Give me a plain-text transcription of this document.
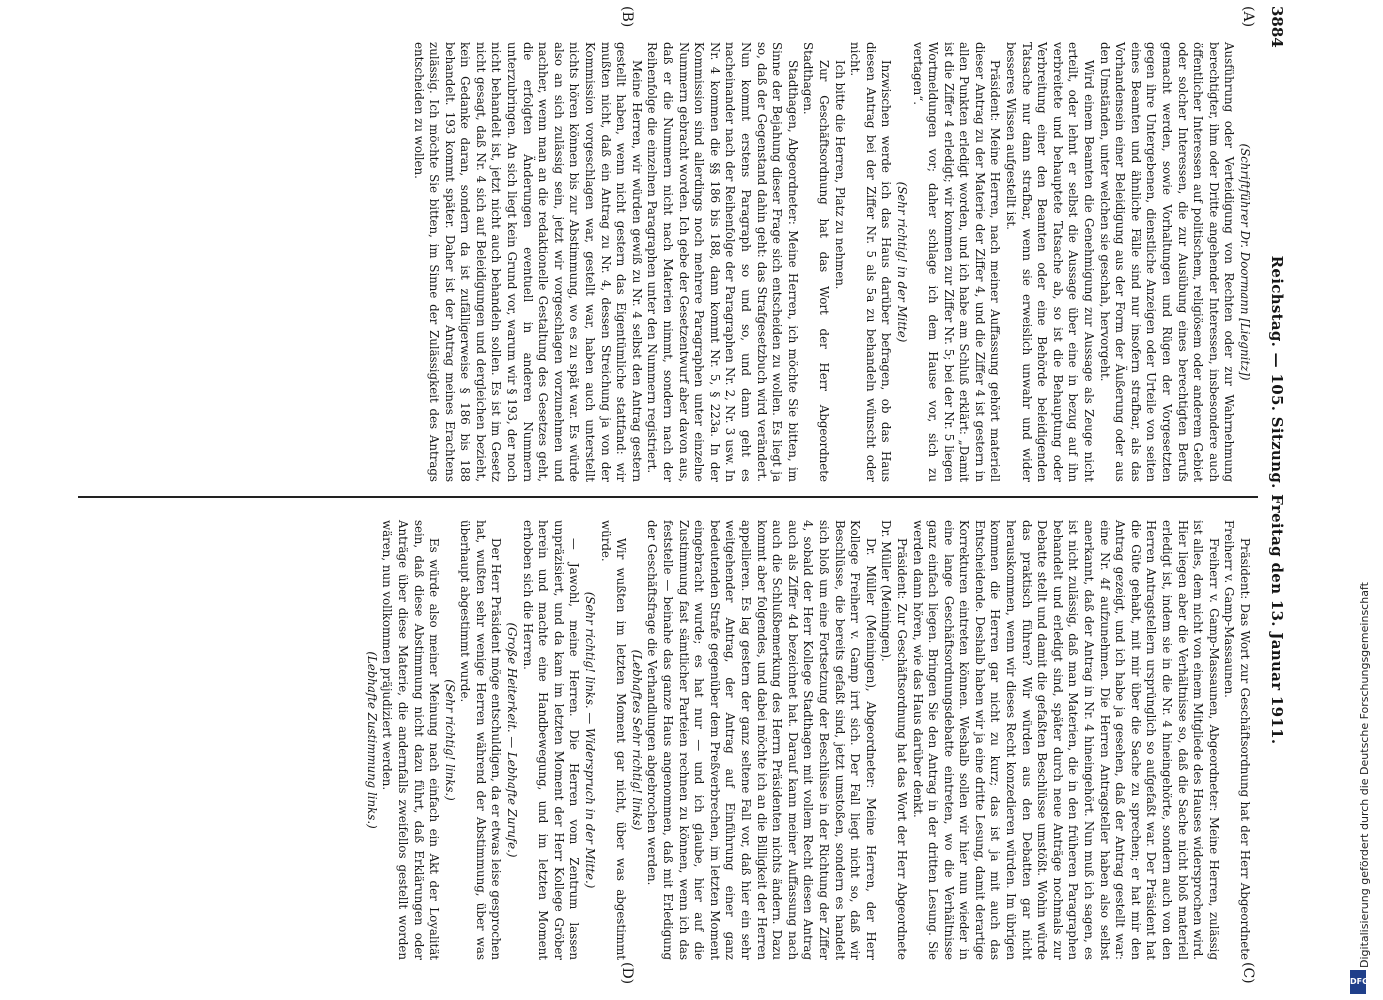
3884
Reichstag. — 105. Sitzung. Freitag den 13. Januar 1911.
(A)
(C)
(B)
(D)

(Schriftführer Dr. Doormann [Liegnitz])

Ausführung oder Verteidigung von Rechten oder zur Wahrnehmung berechtigter, ihm oder Dritte angehender Interessen, insbesondere auch öffentlicher Interessen auf politischem, religiösem oder anderem Gebiet oder solcher Interessen, die zur Ausübung eines berechtigten Berufs gemacht werden, sowie Vorhaltungen und Rügen der Vorgesetzten gegen ihre Untergebenen, dienstliche Anzeigen oder Urteile von seiten eines Beamten und ähnliche Fälle sind nur insofern strafbar, als das Vorhandensein einer Beleidigung aus der Form der Äußerung oder aus den Umständen, unter welchen sie geschah, hervorgeht.

Wird einem Beamten die Genehmigung zur Aussage als Zeuge nicht erteilt, oder lehnt er selbst die Aussage über eine in bezug auf ihn verbreitete und behauptete Tatsache ab, so ist die Behauptung oder Verbreitung einer den Beamten oder eine Behörde beleidigenden Tatsache nur dann strafbar, wenn sie erweislich unwahr und wider besseres Wissen aufgestellt ist.

Präsident: Meine Herren, nach meiner Auffassung gehört materiell dieser Antrag zu der Materie der Ziffer 4, und die Ziffer 4 ist gestern in allen Punkten erledigt worden, und ich habe am Schluß erklärt: „Damit ist die Ziffer 4 erledigt; wir kommen zur Ziffer Nr. 5; bei der Nr. 5 liegen Wortmeldungen vor; daher schlage ich dem Hause vor, sich zu vertagen“.

(Sehr richtig! in der Mitte)

Inzwischen werde ich das Haus darüber befragen, ob das Haus diesen Antrag bei der Ziffer Nr. 5 als 5a zu behandeln wünscht oder nicht.

Ich bitte die Herren, Platz zu nehmen.

Zur Geschäftsordnung hat das Wort der Herr Abgeordnete Stadthagen.

Stadthagen, Abgeordneter: Meine Herren, ich möchte Sie bitten, im Sinne der Bejahung dieser Frage sich entscheiden zu wollen. Es liegt ja so, daß der Gegenstand dahin geht: das Strafgesetzbuch wird verändert. Nun kommt erstens Paragraph so und so, und dann geht es nacheinander nach der Reihenfolge der Paragraphen Nr. 2, Nr. 3 usw. In Nr. 4 kommen die §§ 186 bis 188, dann kommt Nr. 5, § 223a. In der Kommission sind allerdings noch mehrere Paragraphen unter einzelne Nummern gebracht worden. Ich gebe der Gesetzentwurf aber davon aus, daß er die Nummern nicht nach Materien nimmt, sondern nach der Reihenfolge die einzelnen Paragraphen unter den Nummern registriert.

Meine Herren, wir würden gewiß zu Nr. 4 selbst den Antrag gestern gestellt haben, wenn nicht gestern das Eigentümliche stattfand: wir mußten nicht, daß ein Antrag zu Nr. 4, dessen Streichung ja von der Kommission vorgeschlagen war, gestellt war, haben auch unterstellt nichts hören können bis zur Abstimmung, wo es zu spät war. Es würde also an sich zulässig sein, jetzt wir vorgeschlagen vorzunehmen und nachher, wenn man an die redaktionelle Gestaltung des Gesetzes geht, die erfolgten Änderungen eventuell in anderen Nummern unterzubringen. An sich liegt kein Grund vor, warum wir § 193, der noch nicht behandelt ist, jetzt nicht auch behandeln sollen. Es ist im Gesetz nicht gesagt, daß Nr. 4 sich auf Beleidigungen und dergleichen bezieht, kein Gedanke daran, sondern da ist zufälligerweise § 186 bis 188 behandelt. 193 kommt später. Daher ist der Antrag meines Erachtens zulässig. Ich möchte Sie bitten, im Sinne der Zulässigkeit des Antrags entscheiden zu wollen.

Präsident: Das Wort zur Geschäftsordnung hat der Herr Abgeordnete Freiherr v. Gamp-Massaunen.

Freiherr v. Gamp-Massaunen, Abgeordneter: Meine Herren, zulässig ist alles, dem nicht von einem Mitgliede des Hauses widersprochen wird. Hier liegen aber die Verhältnisse so, daß die Sache nicht bloß materiell erledigt ist, indem sie in die Nr. 4 hineingehörte, sondern auch von den Herren Antragstellern ursprünglich so aufgefaßt war. Der Präsident hat die Güte gehabt, mit mir über die Sache zu sprechen; er hat mir den Antrag gezeigt, und ich habe ja gesehen, daß der Antrag gestellt war: eine Nr. 4f aufzunehmen. Die Herren Antragsteller haben also selbst anerkannt, daß der Antrag in Nr. 4 hineingehört. Nun muß ich sagen, es ist nicht zulässig, daß man Materien, die in den früheren Paragraphen behandelt und erledigt sind, später durch neue Anträge nochmals zur Debatte stellt und damit die gefaßten Beschlüsse umstößt. Wohin würde das praktisch führen? Wir würden aus den Debatten gar nicht herauskommen, wenn wir dieses Recht konzedieren würden. Im übrigen kommen die Herren gar nicht zu kurz; das ist ja mit auch das Entscheidende. Deshalb haben wir ja eine dritte Lesung, damit derartige Korrekturen eintreten können. Weshalb sollen wir hier nun wieder in eine lange Geschäftsordnungsdebatte eintreten, wo die Verhältnisse ganz einfach liegen. Bringen Sie den Antrag in der dritten Lesung. Sie werden dann hören, wie das Haus darüber denkt.

Präsident: Zur Geschäftsordnung hat das Wort der Herr Abgeordnete Dr. Müller (Meiningen).

Dr. Müller (Meiningen), Abgeordneter: Meine Herren, der Herr Kollege Freiherr v. Gamp irrt sich. Der Fall liegt nicht so, daß wir Beschlüsse, die bereits gefaßt sind, jetzt umstoßen, sondern es handelt sich bloß um eine Fortsetzung der Beschlüsse in der Richtung der Ziffer 4, sobald der Herr Kollege Stadthagen mit vollem Recht diesen Antrag auch als Ziffer 4d bezeichnet hat. Darauf kann meiner Auffassung nach auch die Schlußbemerkung des Herrn Präsidenten nichts ändern. Dazu kommt aber folgendes, und dabei möchte ich an die Billigkeit der Herren appellieren. Es lag gestern der ganz seltene Fall vor, daß hier ein sehr weitgehender Antrag, der Antrag auf Einführung einer ganz bedeutenden Strafe gegenüber dem Preßverbrechen, im letzten Moment eingebracht wurde; es hat nur — und ich glaube, hier auf die Zustimmung fast sämtlicher Parteien rechnen zu können, wenn ich das feststelle — beinahe das ganze Haus angenommen, daß mit Erledigung der Geschäftsfrage die Verhandlungen abgebrochen werden.

(Lebhaftes Sehr richtig! links)

Wir wußten im letzten Moment gar nicht, über was abgestimmt würde.

(Sehr richtig! links. — Widerspruch in der Mitte.)

— Jawohl, meine Herren. Die Herren vom Zentrum lassen unpräzisiert, und da kam im letzten Moment der Herr Kollege Gröber herein und machte eine Handbewegung, und im letzten Moment erhoben sich die Herren.

(Große Heiterkeit. — Lebhafte Zurufe.)

Der Herr Präsident möge entschuldigen, da er etwas leise gesprochen hat, wußten sehr wenige Herren während der Abstimmung, über was überhaupt abgestimmt wurde.

(Sehr richtig! links.)

Es würde also meiner Meinung nach einfach ein Akt der Loyalität sein, daß diese Abstimmung nicht dazu führt, daß Erklärungen oder Anträge über diese Materie, die andernfalls zweifellos gestellt worden wären, nun vollkommen präjudiziert werden.

(Lebhafte Zustimmung links.)	Digitalisierung gefördert durch die Deutsche Forschungsgemeinschaft
DFG
